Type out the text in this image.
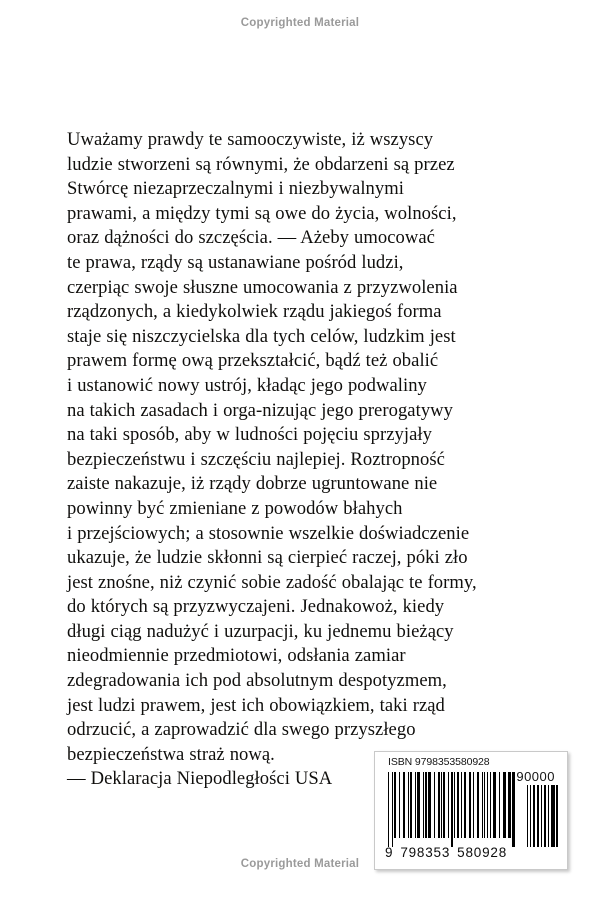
Copyrighted Material
Uważamy prawdy te samooczywiste, iż wszyscy
ludzie stworzeni są równymi, że obdarzeni są przez
Stwórcę niezaprzeczalnymi i niezbywalnymi
prawami, a między tymi są owe do życia, wolności,
oraz dążności do szczęścia. — Ażeby umocować
te prawa, rządy są ustanawiane pośród ludzi,
czerpiąc swoje słuszne umocowania z przyzwolenia
rządzonych, a kiedykolwiek rządu jakiegoś forma
staje się niszczycielska dla tych celów, ludzkim jest
prawem formę ową przekształcić, bądź też obalić
i ustanowić nowy ustrój, kładąc jego podwaliny
na takich zasadach i orga-nizując jego prerogatywy
na taki sposób, aby w ludności pojęciu sprzyjały
bezpieczeństwu i szczęściu najlepiej. Roztropność
zaiste nakazuje, iż rządy dobrze ugruntowane nie
powinny być zmieniane z powodów błahych
i przejściowych; a stosownie wszelkie doświadczenie
ukazuje, że ludzie skłonni są cierpieć raczej, póki zło
jest znośne, niż czynić sobie zadość obalając te formy,
do których są przyzwyczajeni. Jednakowoż, kiedy
długi ciąg nadużyć i uzurpacji, ku jednemu bieżący
nieodmiennie przedmiotowi, odsłania zamiar
zdegradowania ich pod absolutnym despotyzmem,
jest ludzi prawem, jest ich obowiązkiem, taki rząd
odrzucić, a zaprowadzić dla swego przyszłego
bezpieczeństwa straż nową.
— Deklaracja Niepodległości USA
ISBN 9798353580928
90000
9 798353 580928
Copyrighted Material
